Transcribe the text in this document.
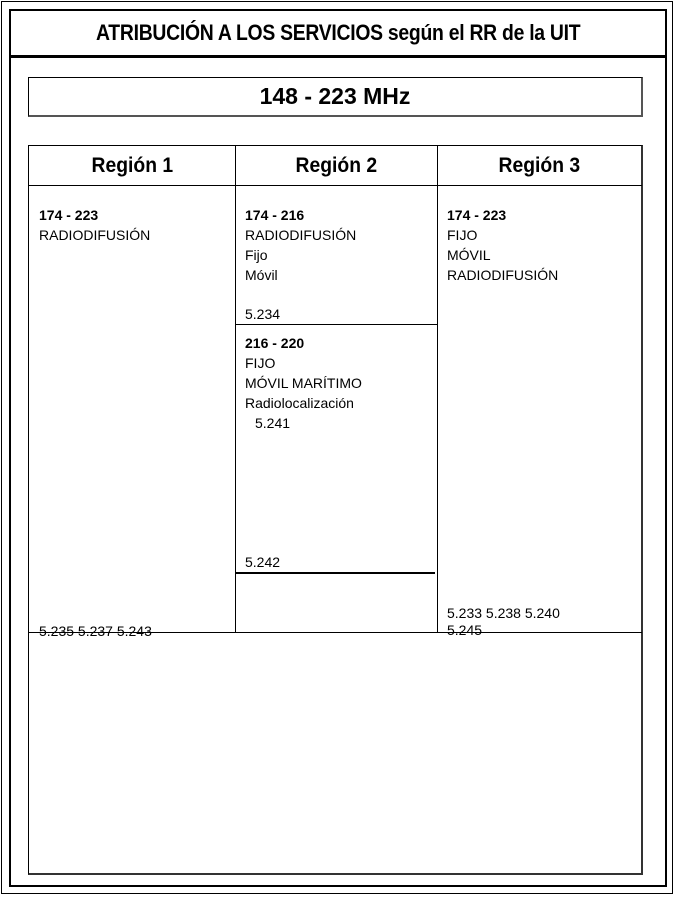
ATRIBUCIÓN A LOS SERVICIOS según el RR de la UIT
148 - 223 MHz
Región 1	Región 2	Región 3
174 - 223
RADIODIFUSIÓN
5.235 5.237 5.243
174 - 216
RADIODIFUSIÓN
Fijo
Móvil
5.234
216 - 220
FIJO
MÓVIL MARÍTIMO
Radiolocalización
5.241
5.242
174 - 223
FIJO
MÓVIL
RADIODIFUSIÓN
5.233 5.238 5.240
5.245
